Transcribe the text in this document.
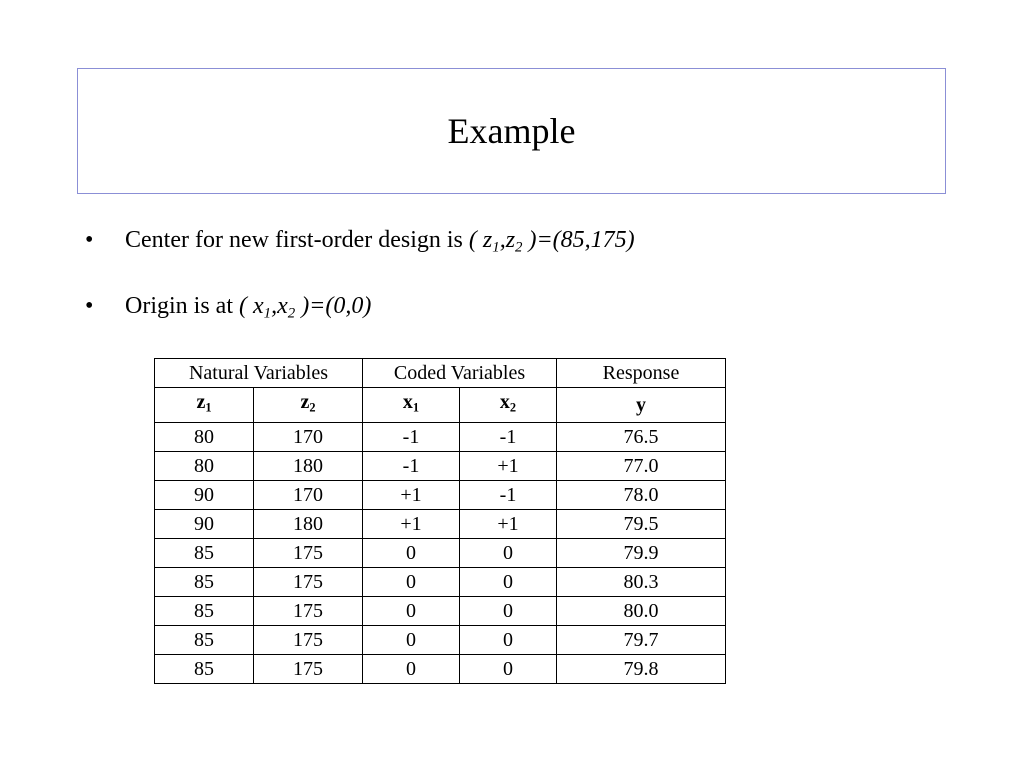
Example
• Center for new first-order design is ( $z_1,z_2$ )=(85,175)
• Origin is at ( $x_1,x_2$ )=(0,0)
Natural Variables		Coded Variables		Response
$z_1$	$z_2$	$x_1$	$x_2$	y
80	170	-1	-1	76.5
80	180	-1	+1	77.0
90	170	+1	-1	78.0
90	180	+1	+1	79.5
85	175	0	0	79.9
85	175	0	0	80.3
85	175	0	0	80.0
85	175	0	0	79.7
85	175	0	0	79.8
